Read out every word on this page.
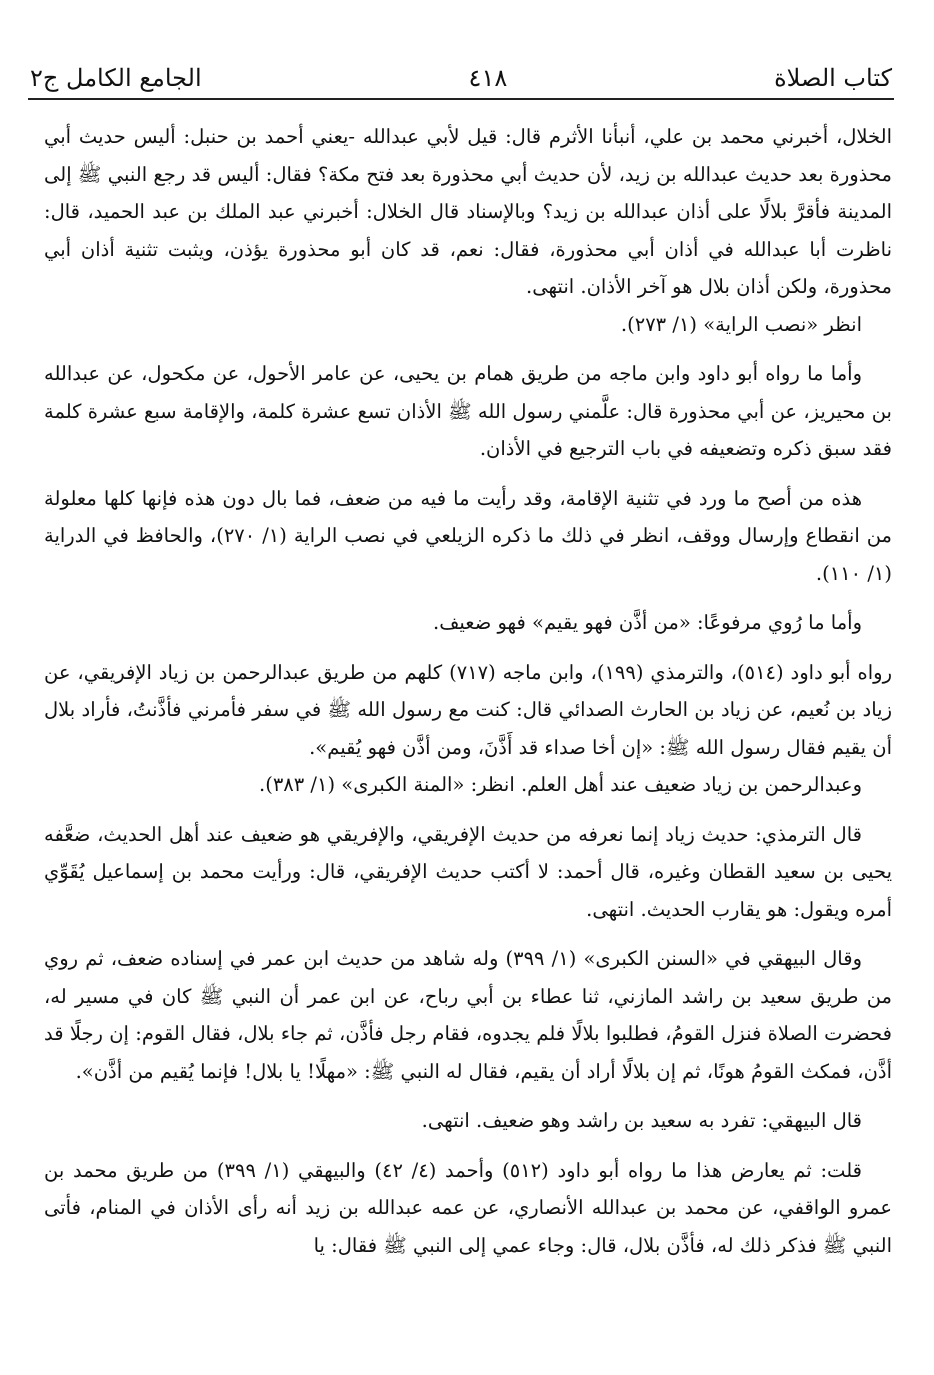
كتاب الصلاة
٤١٨
الجامع الكامل ج٢

الخلال، أخبرني محمد بن علي، أنبأنا الأثرم قال: قيل لأبي عبدالله -يعني أحمد بن حنبل: أليس حديث أبي محذورة بعد حديث عبدالله بن زيد، لأن حديث أبي محذورة بعد فتح مكة؟ فقال: أليس قد رجع النبي ﷺ إلى المدينة فأقرَّ بلالًا على أذان عبدالله بن زيد؟ وبالإسناد قال الخلال: أخبرني عبد الملك بن عبد الحميد، قال: ناظرت أبا عبدالله في أذان أبي محذورة، فقال: نعم، قد كان أبو محذورة يؤذن، ويثبت تثنية أذان أبي محذورة، ولكن أذان بلال هو آخر الأذان. انتهى.

انظر «نصب الراية» (١/ ٢٧٣).

وأما ما رواه أبو داود وابن ماجه من طريق همام بن يحيى، عن عامر الأحول، عن مكحول، عن عبدالله بن محيريز، عن أبي محذورة قال: علَّمني رسول الله ﷺ الأذان تسع عشرة كلمة، والإقامة سبع عشرة كلمة فقد سبق ذكره وتضعيفه في باب الترجيع في الأذان.

هذه من أصح ما ورد في تثنية الإقامة، وقد رأيت ما فيه من ضعف، فما بال دون هذه فإنها كلها معلولة من انقطاع وإرسال ووقف، انظر في ذلك ما ذكره الزيلعي في نصب الراية (١/ ٢٧٠)، والحافظ في الدراية (١/ ١١٠).

وأما ما رُوي مرفوعًا: «من أذَّن فهو يقيم» فهو ضعيف.

رواه أبو داود (٥١٤)، والترمذي (١٩٩)، وابن ماجه (٧١٧) كلهم من طريق عبدالرحمن بن زياد الإفريقي، عن زياد بن نُعيم، عن زياد بن الحارث الصدائي قال: كنت مع رسول الله ﷺ في سفر فأمرني فأذَّنتُ، فأراد بلال أن يقيم فقال رسول الله ﷺ: «إن أخا صداء قد أَذَّنَ، ومن أذَّن فهو يُقيم».

وعبدالرحمن بن زياد ضعيف عند أهل العلم. انظر: «المنة الكبرى» (١/ ٣٨٣).

قال الترمذي: حديث زياد إنما نعرفه من حديث الإفريقي، والإفريقي هو ضعيف عند أهل الحديث، ضعَّفه يحيى بن سعيد القطان وغيره، قال أحمد: لا أكتب حديث الإفريقي، قال: ورأيت محمد بن إسماعيل يُقَوِّي أمره ويقول: هو يقارب الحديث. انتهى.

وقال البيهقي في «السنن الكبرى» (١/ ٣٩٩) وله شاهد من حديث ابن عمر في إسناده ضعف، ثم روي من طريق سعيد بن راشد المازني، ثنا عطاء بن أبي رباح، عن ابن عمر أن النبي ﷺ كان في مسير له، فحضرت الصلاة فنزل القومُ، فطلبوا بلالًا فلم يجدوه، فقام رجل فأذَّن، ثم جاء بلال، فقال القوم: إن رجلًا قد أذَّن، فمكث القومُ هونًا، ثم إن بلالًا أراد أن يقيم، فقال له النبي ﷺ: «مهلًا! يا بلال! فإنما يُقيم من أذَّن».

قال البيهقي: تفرد به سعيد بن راشد وهو ضعيف. انتهى.

قلت: ثم يعارض هذا ما رواه أبو داود (٥١٢) وأحمد (٤/ ٤٢) والبيهقي (١/ ٣٩٩) من طريق محمد بن عمرو الواقفي، عن محمد بن عبدالله الأنصاري، عن عمه عبدالله بن زيد أنه رأى الأذان في المنام، فأتى النبي ﷺ فذكر ذلك له، فأذَّن بلال، قال: وجاء عمي إلى النبي ﷺ فقال: يا
